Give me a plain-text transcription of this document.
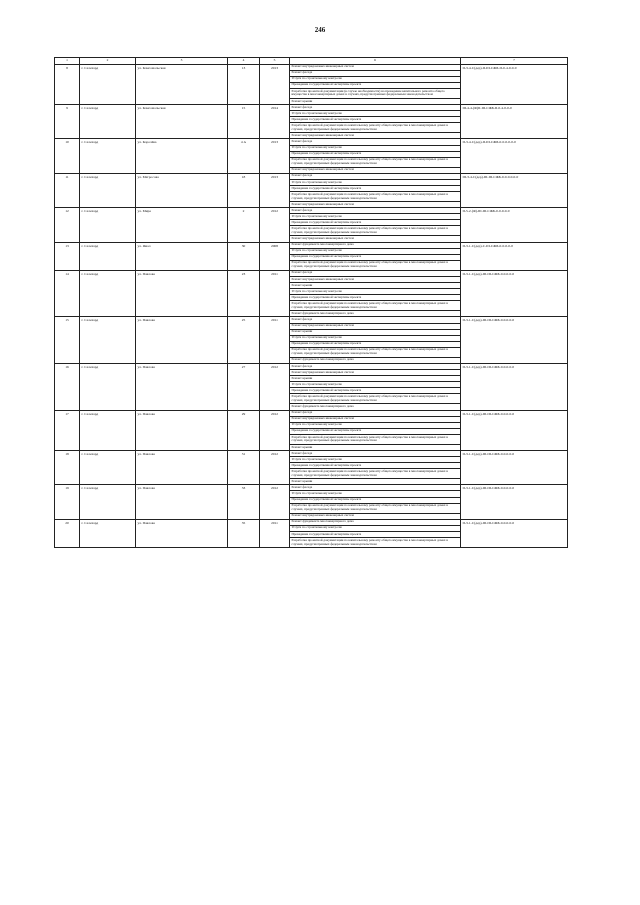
246
1	2	3	4	5	6	7
8	г. Салехард	ул. Комсомольская	13	2013	Ремонт внутридомовых инженерных систем	II-3-4-С(дер)-II-III-СЖБ-II-0-4-0-0-0
					Ремонт фасада	
					Услуги по строительному контролю	
					Проведение государственной экспертизы проекта	
					Разработка проектной документации (в случае необходимости) на проведение капитального ремонта общего имущества в многоквартирных домах в случаях, предусмотренных федеральным законодательством	
					Ремонт крыши	
9	г. Салехард	ул. Комсомольская	15	2014	Ремонт фасада	III-4-4-(Ф)II-III-СЖБ-II-0-4-0-0-0
					Услуги по строительному контролю	
					Проведение государственной экспертизы проекта	
					Разработка проектной документации по капитальному ремонту общего имущества в многоквартирных домах в случаях, предусмотренных федеральным законодательством	
					Ремонт внутридомовых инженерных систем	
10	г. Салехард	ул. Королёва	4 А	2013	Ремонт фасада	II-3-4-С(дер)-II-III-СЖБ-0-0-0-0-0-0
					Услуги по строительному контролю	
					Проведение государственной экспертизы проекта	
					Разработка проектной документации по капитальному ремонту общего имущества в многоквартирных домах в случаях, предусмотренных федеральным законодательством	
					Ремонт внутридомовых инженерных систем	
11	г. Салехард	ул. Матросова	18	2013	Ремонт фасада	III-3-4-С(дер)-III-III-СЖБ-0-0-0-0-0-0
					Услуги по строительному контролю	
					Проведение государственной экспертизы проекта	
					Разработка проектной документации по капитальному ремонту общего имущества в многоквартирных домах в случаях, предусмотренных федеральным законодательством	
					Ремонт внутридомовых инженерных систем	
12	г. Салехард	ул. Мира	2	2012	Ремонт фасада	II-5-2-(Ф)-III-III-СЖБ-0-0-0-0-0
					Услуги по строительному контролю	
					Проведение государственной экспертизы проекта	
					Разработка проектной документации по капитальному ремонту общего имущества в многоквартирных домах в случаях, предусмотренных федеральным законодательством	
					Ремонт внутридомовых инженерных систем	
13	г. Салехард	ул. Ямал	30	2008	Ремонт фундамента многоквартирного дома	II-3-1-С(дер)-С-III-СЖБ-0-0-0-0-0
					Услуги по строительному контролю	
					Проведение государственной экспертизы проекта	
					Разработка проектной документации по капитальному ремонту общего имущества в многоквартирных домах в случаях, предусмотренных федеральным законодательством	
14	г. Салехард	ул. Павлова	23	2011	Ремонт фасада	II-3-1-С(дер)-III-III-СЖБ-0-0-0-0-0
					Ремонт внутридомовых инженерных систем	
					Ремонт крыши	
					Услуги по строительному контролю	
					Проведение государственной экспертизы проекта	
					Разработка проектной документации по капитальному ремонту общего имущества в многоквартирных домах в случаях, предусмотренных федеральным законодательством	
					Ремонт фундамента многоквартирного дома	
15	г. Салехард	ул. Павлова	25	2011	Ремонт фасада	II-3-1-С(дер)-III-III-СЖБ-0-0-0-0-0
					Ремонт внутридомовых инженерных систем	
					Ремонт крыши	
					Услуги по строительному контролю	
					Проведение государственной экспертизы проекта	
					Разработка проектной документации по капитальному ремонту общего имущества в многоквартирных домах в случаях, предусмотренных федеральным законодательством	
					Ремонт фундамента многоквартирного дома	
16	г. Салехард	ул. Павлова	27	2012	Ремонт фасада	II-3-1-С(дер)-III-III-СЖБ-0-0-0-0-0
					Ремонт внутридомовых инженерных систем	
					Ремонт крыши	
					Услуги по строительному контролю	
					Проведение государственной экспертизы проекта	
					Разработка проектной документации по капитальному ремонту общего имущества в многоквартирных домах в случаях, предусмотренных федеральным законодательством	
					Ремонт фундамента многоквартирного дома	
17	г. Салехард	ул. Павлова	29	2012	Ремонт фасада	II-3-1-С(дер)-III-III-СЖБ-0-0-0-0-0
					Ремонт внутридомовых инженерных систем	
					Услуги по строительному контролю	
					Проведение государственной экспертизы проекта	
					Разработка проектной документации по капитальному ремонту общего имущества в многоквартирных домах в случаях, предусмотренных федеральным законодательством	
					Ремонт крыши	
18	г. Салехард	ул. Павлова	31	2012	Ремонт фасада	II-3-1-С(дер)-III-III-СЖБ-0-0-0-0-0
					Услуги по строительному контролю	
					Проведение государственной экспертизы проекта	
					Разработка проектной документации по капитальному ремонту общего имущества в многоквартирных домах в случаях, предусмотренных федеральным законодательством	
					Ремонт крыши	
19	г. Салехард	ул. Павлова	33	2012	Ремонт фасада	II-3-1-С(дер)-III-III-СЖБ-0-0-0-0-0
					Услуги по строительному контролю	
					Проведение государственной экспертизы проекта	
					Разработка проектной документации по капитальному ремонту общего имущества в многоквартирных домах в случаях, предусмотренных федеральным законодательством	
					Ремонт внутридомовых инженерных систем	
20	г. Салехард	ул. Павлова	35	2011	Ремонт фундамента многоквартирного дома	II-3-1-С(дер)-III-III-СЖБ-0-0-0-0-0
					Услуги по строительному контролю	
					Проведение государственной экспертизы проекта	
					Разработка проектной документации по капитальному ремонту общего имущества в многоквартирных домах в случаях, предусмотренных федеральным законодательством	
